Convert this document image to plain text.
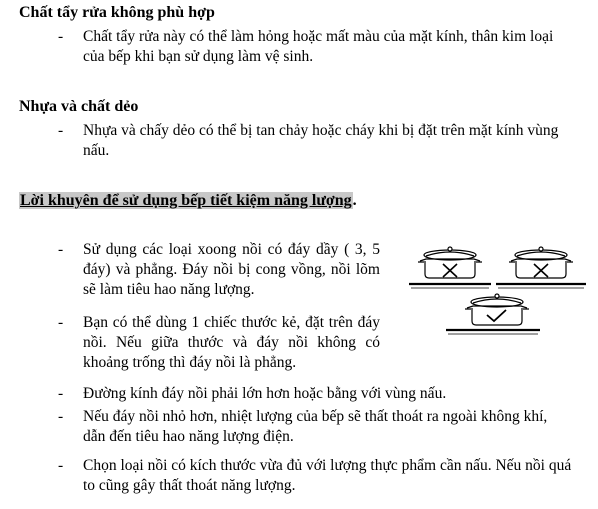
Chất tẩy rửa không phù hợp
- Chất tẩy rửa này có thể làm hỏng hoặc mất màu của mặt kính, thân kim loại
của bếp khi bạn sử dụng làm vệ sinh.
Nhựa và chất dẻo
- Nhựa và chấy dẻo có thể bị tan chảy hoặc cháy khi bị đặt trên mặt kính vùng
nấu.
Lời khuyên để sử dụng bếp tiết kiệm năng lượng.
- Sử dụng các loại xoong nồi có đáy dầy ( 3, 5
đáy) và phẳng. Đáy nồi bị cong vồng, nồi lõm
sẽ làm tiêu hao năng lượng.
- Bạn có thể dùng 1 chiếc thước kẻ, đặt trên đáy
nồi. Nếu giữa thước và đáy nồi không có
khoảng trống thì đáy nồi là phẳng.
- Đường kính đáy nồi phải lớn hơn hoặc bằng với vùng nấu.
- Nếu đáy nồi nhỏ hơn, nhiệt lượng của bếp sẽ thất thoát ra ngoài không khí,
dẫn đến tiêu hao năng lượng điện.
- Chọn loại nồi có kích thước vừa đủ với lượng thực phẩm cần nấu. Nếu nồi quá
to cũng gây thất thoát năng lượng.
